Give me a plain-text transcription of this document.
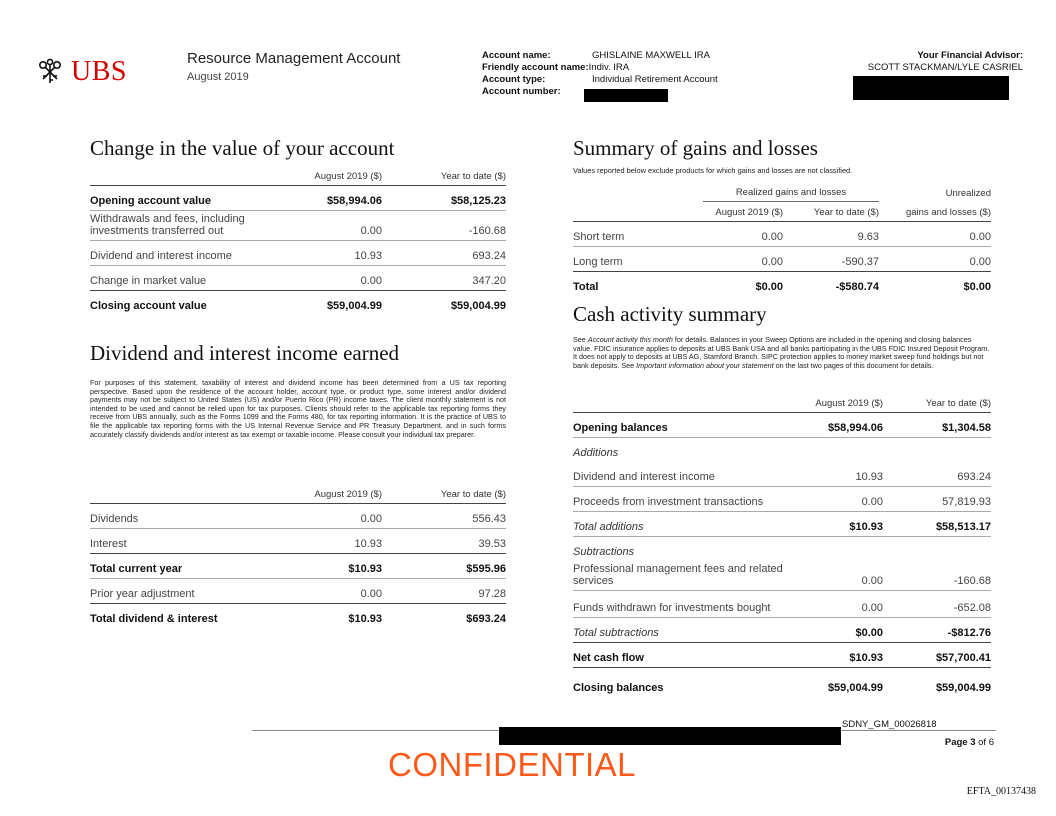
UBS	Resource Management Account
August 2019
Account name:	GHISLAINE MAXWELL IRA
Friendly account name:Indiv. IRA
Account type:	Individual Retirement Account
Account number:
Your Financial Advisor:
SCOTT STACKMAN/LYLE CASRIEL
Change in the value of your account
	August 2019 ($)	Year to date ($)
Opening account value	$58,994.06	$58,125.23
Withdrawals and fees, including investments transferred out	0.00	-160.68
Dividend and interest income	10.93	693.24
Change in market value	0.00	347.20
Closing account value	$59,004.99	$59,004.99
Dividend and interest income earned
For purposes of this statement, taxability of interest and dividend income has been determined from a US tax reporting perspective. Based upon the residence of the account holder, account type, or product type, some interest and/or dividend payments may not be subject to United States (US) and/or Puerto Rico (PR) income taxes. The client monthly statement is not intended to be used and cannot be relied upon for tax purposes. Clients should refer to the applicable tax reporting forms they receive from UBS annually, such as the Forms 1099 and the Forms 480, for tax reporting information. It is the practice of UBS to file the applicable tax reporting forms with the US Internal Revenue Service and PR Treasury Department, and in such forms accurately classify dividends and/or interest as tax exempt or taxable income. Please consult your individual tax preparer.
	August 2019 ($)	Year to date ($)
Dividends	0.00	556.43
Interest	10.93	39.53
Total current year	$10.93	$595.96
Prior year adjustment	0.00	97.28
Total dividend & interest	$10.93	$693.24
Summary of gains and losses
Values reported below exclude products for which gains and losses are not classified.
	Realized gains and losses		Unrealized
	August 2019 ($)	Year to date ($)	gains and losses ($)
Short term	0.00	9.63	0.00
Long term	0.00	-590.37	0.00
Total	$0.00	-$580.74	$0.00
Cash activity summary
See Account activity this month for details. Balances in your Sweep Options are included in the opening and closing balances value. FDIC insurance applies to deposits at UBS Bank USA and all banks participating in the UBS FDIC Insured Deposit Program. It does not apply to deposits at UBS AG, Stamford Branch. SIPC protection applies to money market sweep fund holdings but not bank deposits. See Important information about your statement on the last two pages of this document for details.
	August 2019 ($)	Year to date ($)
Opening balances	$58,994.06	$1,304.58
Additions		
Dividend and interest income	10.93	693.24
Proceeds from investment transactions	0.00	57,819.93
Total additions	$10.93	$58,513.17
Subtractions		
Professional management fees and related services	0.00	-160.68
Funds withdrawn for investments bought	0.00	-652.08
Total subtractions	$0.00	-$812.76
Net cash flow	$10.93	$57,700.41
Closing balances	$59,004.99	$59,004.99
SDNY_GM_00026818
Page 3 of 6
CONFIDENTIAL
EFTA_00137438
